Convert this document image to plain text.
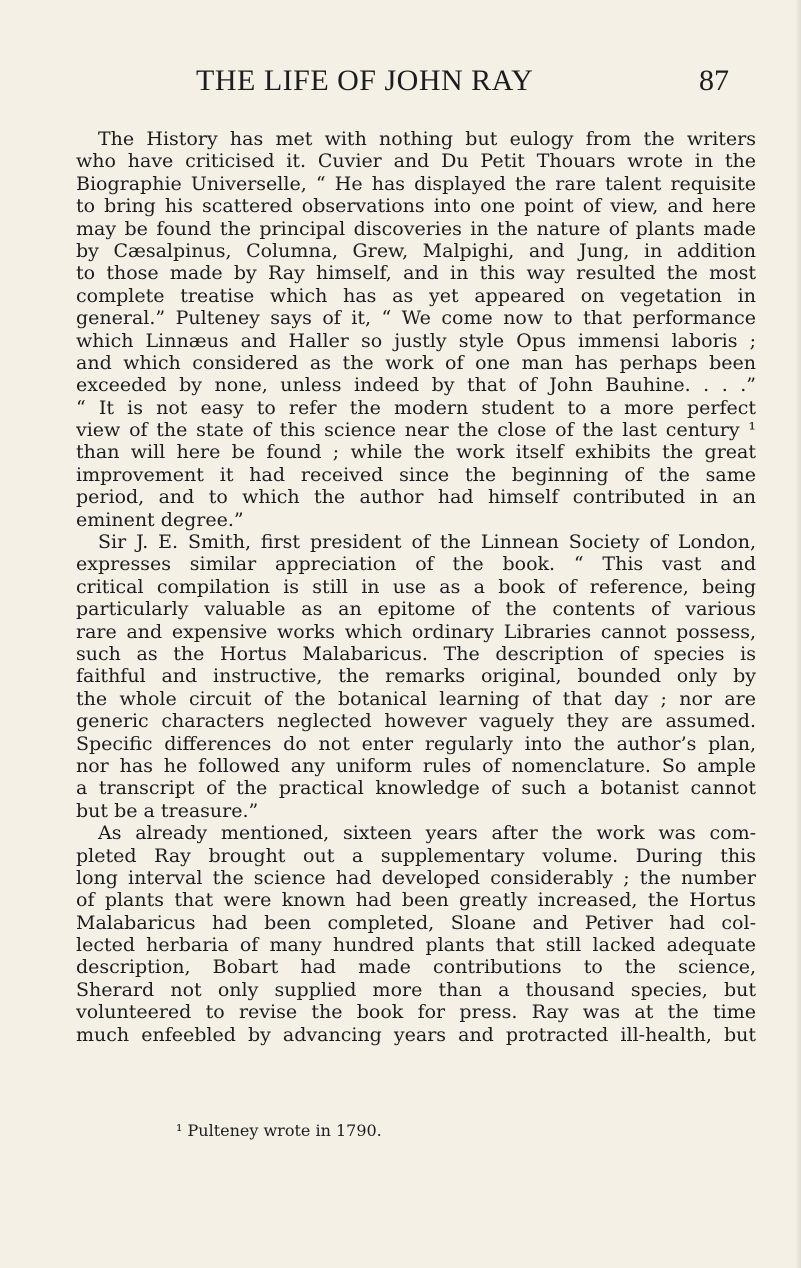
THE LIFE OF JOHN RAY	87
The History has met with nothing but eulogy from the writers
who have criticised it. Cuvier and Du Petit Thouars wrote in the
Biographie Universelle, “ He has displayed the rare talent requisite
to bring his scattered observations into one point of view, and here
may be found the principal discoveries in the nature of plants made
by Cæsalpinus, Columna, Grew, Malpighi, and Jung, in addition
to those made by Ray himself, and in this way resulted the most
complete treatise which has as yet appeared on vegetation in
general.” Pulteney says of it, “ We come now to that performance
which Linnæus and Haller so justly style Opus immensi laboris ;
and which considered as the work of one man has perhaps been
exceeded by none, unless indeed by that of John Bauhine. . . .”
“ It is not easy to refer the modern student to a more perfect
view of the state of this science near the close of the last century ¹
than will here be found ; while the work itself exhibits the great
improvement it had received since the beginning of the same
period, and to which the author had himself contributed in an
eminent degree.”
Sir J. E. Smith, first president of the Linnean Society of London,
expresses similar appreciation of the book. “ This vast and
critical compilation is still in use as a book of reference, being
particularly valuable as an epitome of the contents of various
rare and expensive works which ordinary Libraries cannot possess,
such as the Hortus Malabaricus. The description of species is
faithful and instructive, the remarks original, bounded only by
the whole circuit of the botanical learning of that day ; nor are
generic characters neglected however vaguely they are assumed.
Specific differences do not enter regularly into the author’s plan,
nor has he followed any uniform rules of nomenclature. So ample
a transcript of the practical knowledge of such a botanist cannot
but be a treasure.”
As already mentioned, sixteen years after the work was com-
pleted Ray brought out a supplementary volume. During this
long interval the science had developed considerably ; the number
of plants that were known had been greatly increased, the Hortus
Malabaricus had been completed, Sloane and Petiver had col-
lected herbaria of many hundred plants that still lacked adequate
description, Bobart had made contributions to the science,
Sherard not only supplied more than a thousand species, but
volunteered to revise the book for press. Ray was at the time
much enfeebled by advancing years and protracted ill-health, but
¹ Pulteney wrote in 1790.
